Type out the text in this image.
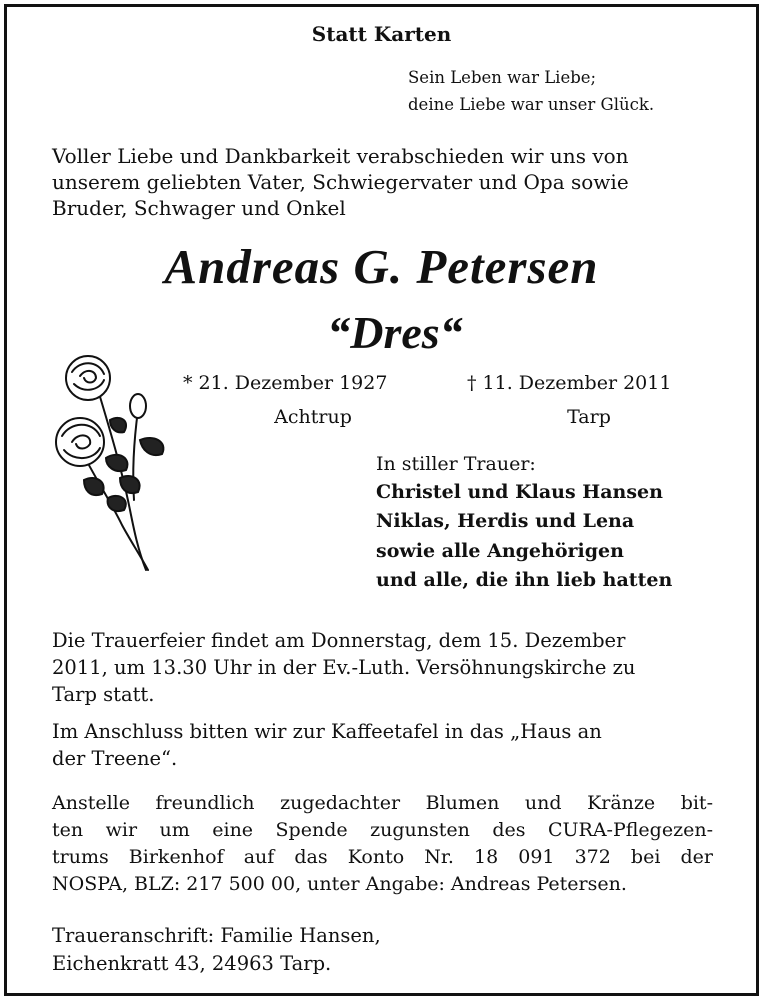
Statt Karten
Sein Leben war Liebe;
deine Liebe war unser Glück.
Voller Liebe und Dankbarkeit verabschieden wir uns von
unserem geliebten Vater, Schwiegervater und Opa sowie
Bruder, Schwager und Onkel
Andreas G. Petersen
“Dres“
* 21. Dezember 1927	† 11. Dezember 2011
Achtrup	Tarp
In stiller Trauer:
Christel und Klaus Hansen
Niklas, Herdis und Lena
sowie alle Angehörigen
und alle, die ihn lieb hatten
Die Trauerfeier findet am Donnerstag, dem 15. Dezember
2011, um 13.30 Uhr in der Ev.-Luth. Versöhnungskirche zu
Tarp statt.
Im Anschluss bitten wir zur Kaffeetafel in das „Haus an
der Treene“.
Anstelle freundlich zugedachter Blumen und Kränze bit-
ten wir um eine Spende zugunsten des CURA-Pflegezen-
trums Birkenhof auf das Konto Nr. 18 091 372 bei der
NOSPA, BLZ: 217 500 00, unter Angabe: Andreas Petersen.
Traueranschrift: Familie Hansen,
Eichenkratt 43, 24963 Tarp.
